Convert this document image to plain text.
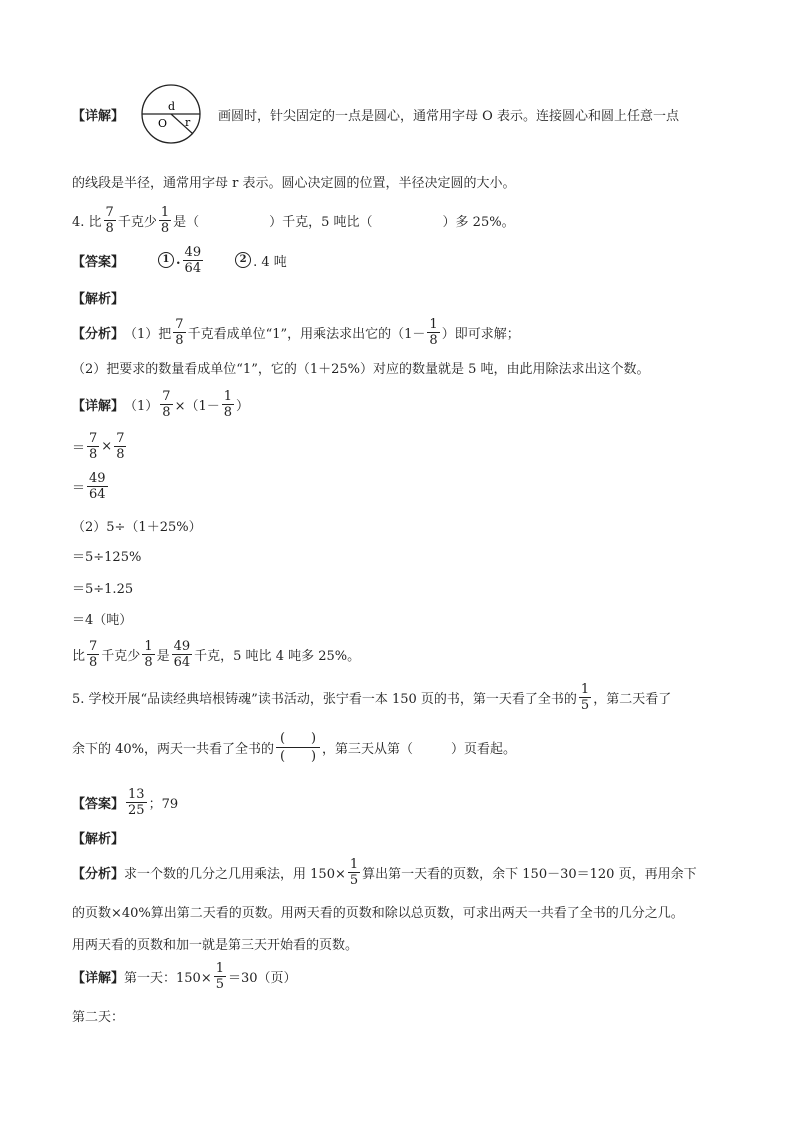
【详解】
d
O r 画圆时，针尖固定的一点是圆心，通常用字母 O 表示。连接圆心和圆上任意一点
的线段是半径，通常用字母 r 表示。圆心决定圆的位置，半径决定圆的大小。
4. 比 $\frac{7}{8}$ 千克少 $\frac{1}{8}$ 是（	）千克，5 吨比（	）多 25%。
【答案】	1 . $\frac{49}{64}$	2 . 4 吨
【解析】
【分析】 （1）把 $\frac{7}{8}$ 千克看成单位“1”，用乘法求出它的（$1- \frac{1}{8}$ ）即可求解；
（2）把要求的数量看成单位“1”，它的（1＋25%）对应的数量就是 5 吨，由此用除法求出这个数。
【详解】 $(1) \frac{7}{8} \times(1- \frac{1}{8}$ ）
＝ $\frac{7}{8} \times \frac{7}{8}$
＝ $\frac{49}{64}$
（2）5÷（1＋25%）
＝5÷125%
＝5÷1.25
＝4（吨）
比 $\frac{7}{8}$ 千克少 $\frac{1}{8}$ 是 $\frac{49}{64}$ 千克，5 吨比 4 吨多 25%。
5. 学校开展“品读经典培根铸魂”读书活动，张宁看一本 150 页的书，第一天看了全书的 $\frac{1}{5}$ ，第二天看了
余下的 40%，两天一共看了全书的 $\frac{( )}{( )}$ ，第三天从第（	）页看起。
【答案】 $\frac{13}{25}$ ；79
【解析】
【分析】 求一个数的几分之几用乘法，用 $150\times \frac{1}{5}$ 算出第一天看的页数，余下 150－30＝120 页，再用余下
的页数×40%算出第二天看的页数。用两天看的页数和除以总页数，可求出两天一共看了全书的几分之几。
用两天看的页数和加一就是第三天开始看的页数。
【详解】 第一天：$150\times \frac{1}{5} =30$（页）
第二天：
